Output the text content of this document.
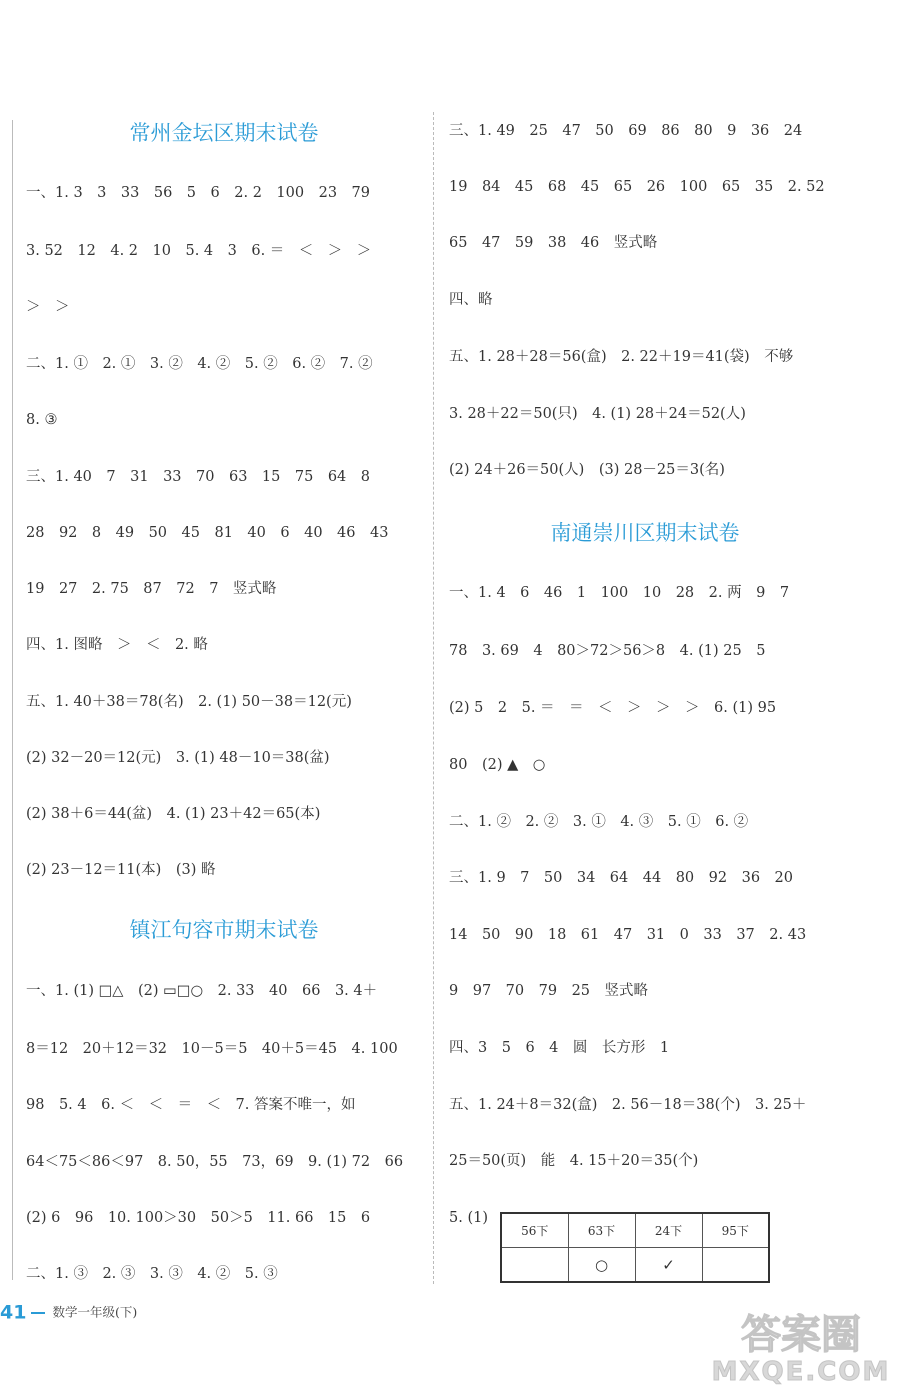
常州金坛区期末试卷
一、1. 3　3　33　56　5　6　2. 2　100　23　79
3. 52　12　4. 2　10　5. 4　3　6. ＝　＜　＞　＞
＞　＞
二、1. ①　2. ①　3. ②　4. ②　5. ②　6. ②　7. ②
8. ③
三、1. 40　7　31　33　70　63　15　75　64　8
28　92　8　49　50　45　81　40　6　40　46　43
19　27　2. 75　87　72　7　竖式略
四、1. 图略　＞　＜　2. 略
五、1. 40＋38＝78(名)　2. (1) 50－38＝12(元)
(2) 32－20＝12(元)　3. (1) 48－10＝38(盆)
(2) 38＋6＝44(盆)　4. (1) 23＋42＝65(本)
(2) 23－12＝11(本)　(3) 略
镇江句容市期末试卷
一、1. (1) □△　(2) ▭□○　2. 33　40　66　3. 4＋
8＝12　20＋12＝32　10－5＝5　40＋5＝45　4. 100
98　5. 4　6. ＜　＜　＝　＜　7. 答案不唯一，如
64＜75＜86＜97　8. 50，55　73，69　9. (1) 72　66
(2) 6　96　10. 100＞30　50＞5　11. 66　15　6
二、1. ③　2. ③　3. ③　4. ②　5. ③
三、1. 49　25　47　50　69　86　80　9　36　24
19　84　45　68　45　65　26　100　65　35　2. 52
65　47　59　38　46　竖式略
四、略
五、1. 28＋28＝56(盒)　2. 22＋19＝41(袋)　不够
3. 28＋22＝50(只)　4. (1) 28＋24＝52(人)
(2) 24＋26＝50(人)　(3) 28－25＝3(名)
南通崇川区期末试卷
一、1. 4　6　46　1　100　10　28　2. 两　9　7
78　3. 69　4　80＞72＞56＞8　4. (1) 25　5
(2) 5　2　5. ＝　＝　＜　＞　＞　＞　6. (1) 95
80　(2) ▲　○
二、1. ②　2. ②　3. ①　4. ③　5. ①　6. ②
三、1. 9　7　50　34　64　44　80　92　36　20
14　50　90　18　61　47　31　0　33　37　2. 43
9　97　70　79　25　竖式略
四、3　5　6　4　圆　长方形　1
五、1. 24＋8＝32(盒)　2. 56－18＝38(个)　3. 25＋
25＝50(页)　能　4. 15＋20＝35(个)
5. (1)
56下	63下	24下	95下
	○	✓	
41 数学一年级(下)	答案圈
MXQE.COM
